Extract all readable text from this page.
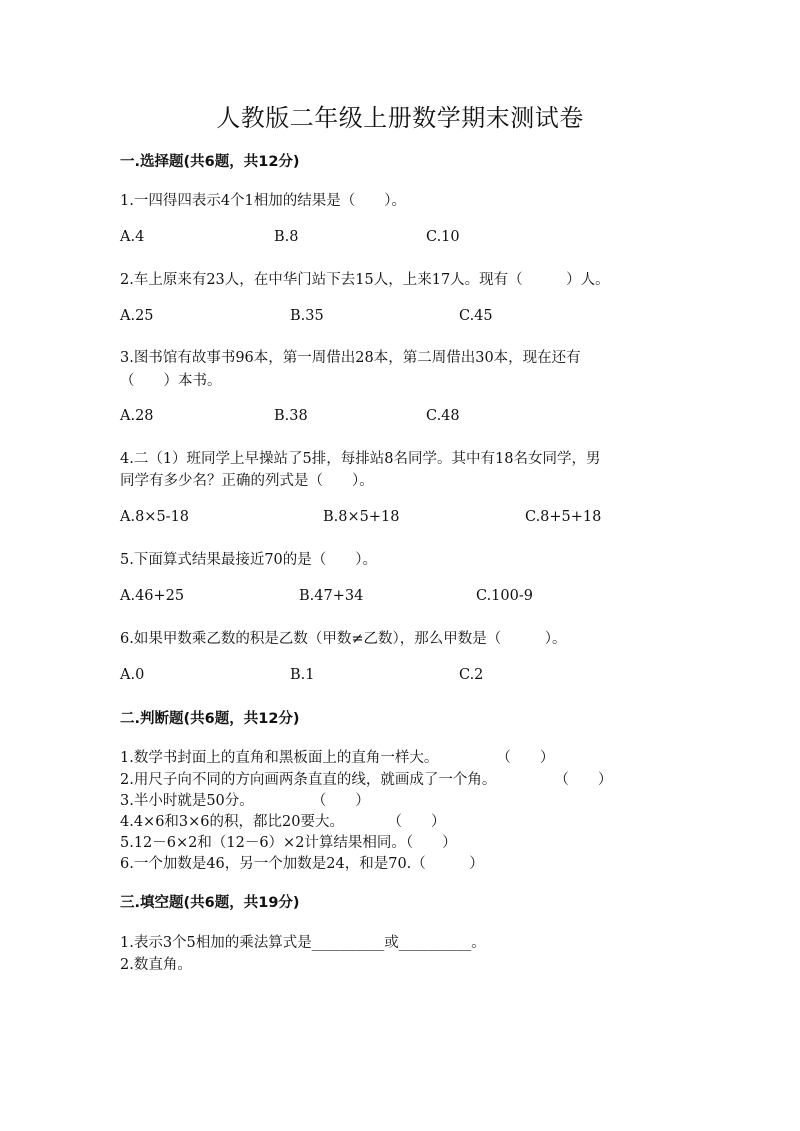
人教版二年级上册数学期末测试卷
一.选择题(共6题，共12分)
1.一四得四表示4个1相加的结果是（　　）。
A.4	B.8	C.10
2.车上原来有23人，在中华门站下去15人，上来17人。现有（　　　）人。
A.25	B.35	C.45
3.图书馆有故事书96本，第一周借出28本，第二周借出30本，现在还有
（　　）本书。
A.28	B.38	C.48
4.二（1）班同学上早操站了5排，每排站8名同学。其中有18名女同学，男
同学有多少名？正确的列式是（　　）。
A.8×5-18	B.8×5+18	C.8+5+18
5.下面算式结果最接近70的是（　　）。
A.46+25	B.47+34	C.100-9
6.如果甲数乘乙数的积是乙数（甲数≠乙数），那么甲数是（　　　）。
A.0	B.1	C.2
二.判断题(共6题，共12分)
1.数学书封面上的直角和黑板面上的直角一样大。　　　　　（　　）
2.用尺子向不同的方向画两条直直的线，就画成了一个角。　　　　　（　　）
3.半小时就是50分。　　　　　（　　）
4.4×6和3×6的积，都比20要大。　　　　（　　）
5.12－6×2和（12－6）×2计算结果相同。（　　）
6.一个加数是46，另一个加数是24，和是70.（　　　）
三.填空题(共6题，共19分)
1.表示3个5相加的乘法算式是__________或__________。
2.数直角。
